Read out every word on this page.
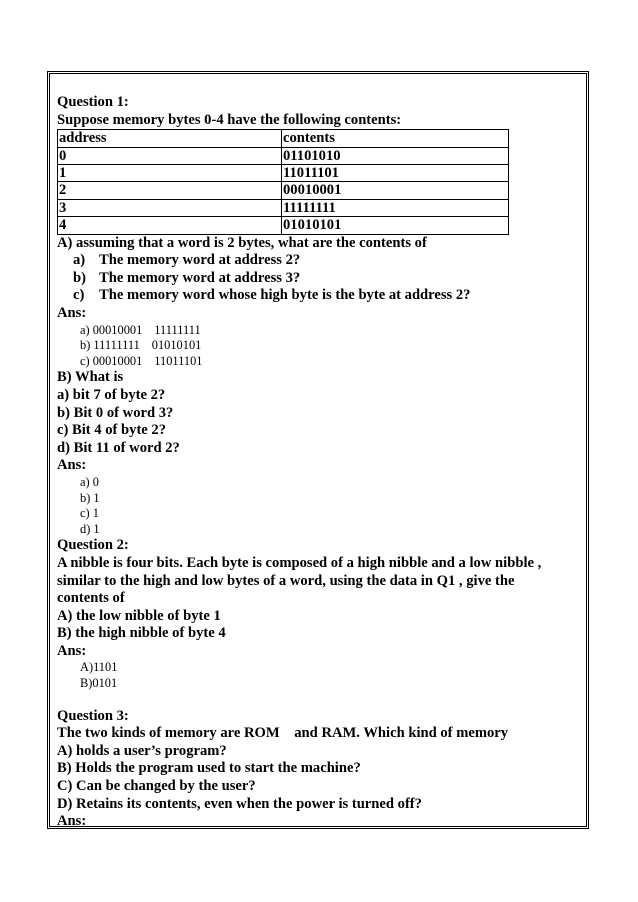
Question 1:
Suppose memory bytes 0-4 have the following contents:
address	contents
0	01101010
1	11011101
2	00010001
3	11111111
4	01010101
A) assuming that a word is 2 bytes, what are the contents of
a) The memory word at address 2?
b) The memory word at address 3?
c) The memory word whose high byte is the byte at address 2?
Ans:
a) 00010001 11111111
b) 11111111 01010101
c) 00010001 11011101
B) What is
a) bit 7 of byte 2?
b) Bit 0 of word 3?
c) Bit 4 of byte 2?
d) Bit 11 of word 2?
Ans:
a) 0
b) 1
c) 1
d) 1
Question 2:
A nibble is four bits. Each byte is composed of a high nibble and a low nibble ,
similar to the high and low bytes of a word, using the data in Q1 , give the
contents of
A) the low nibble of byte 1
B) the high nibble of byte 4
Ans:
A)1101
B)0101
Question 3:
The two kinds of memory are ROM    and RAM. Which kind of memory
A) holds a user’s program?
B) Holds the program used to start the machine?
C) Can be changed by the user?
D) Retains its contents, even when the power is turned off?
Ans:
